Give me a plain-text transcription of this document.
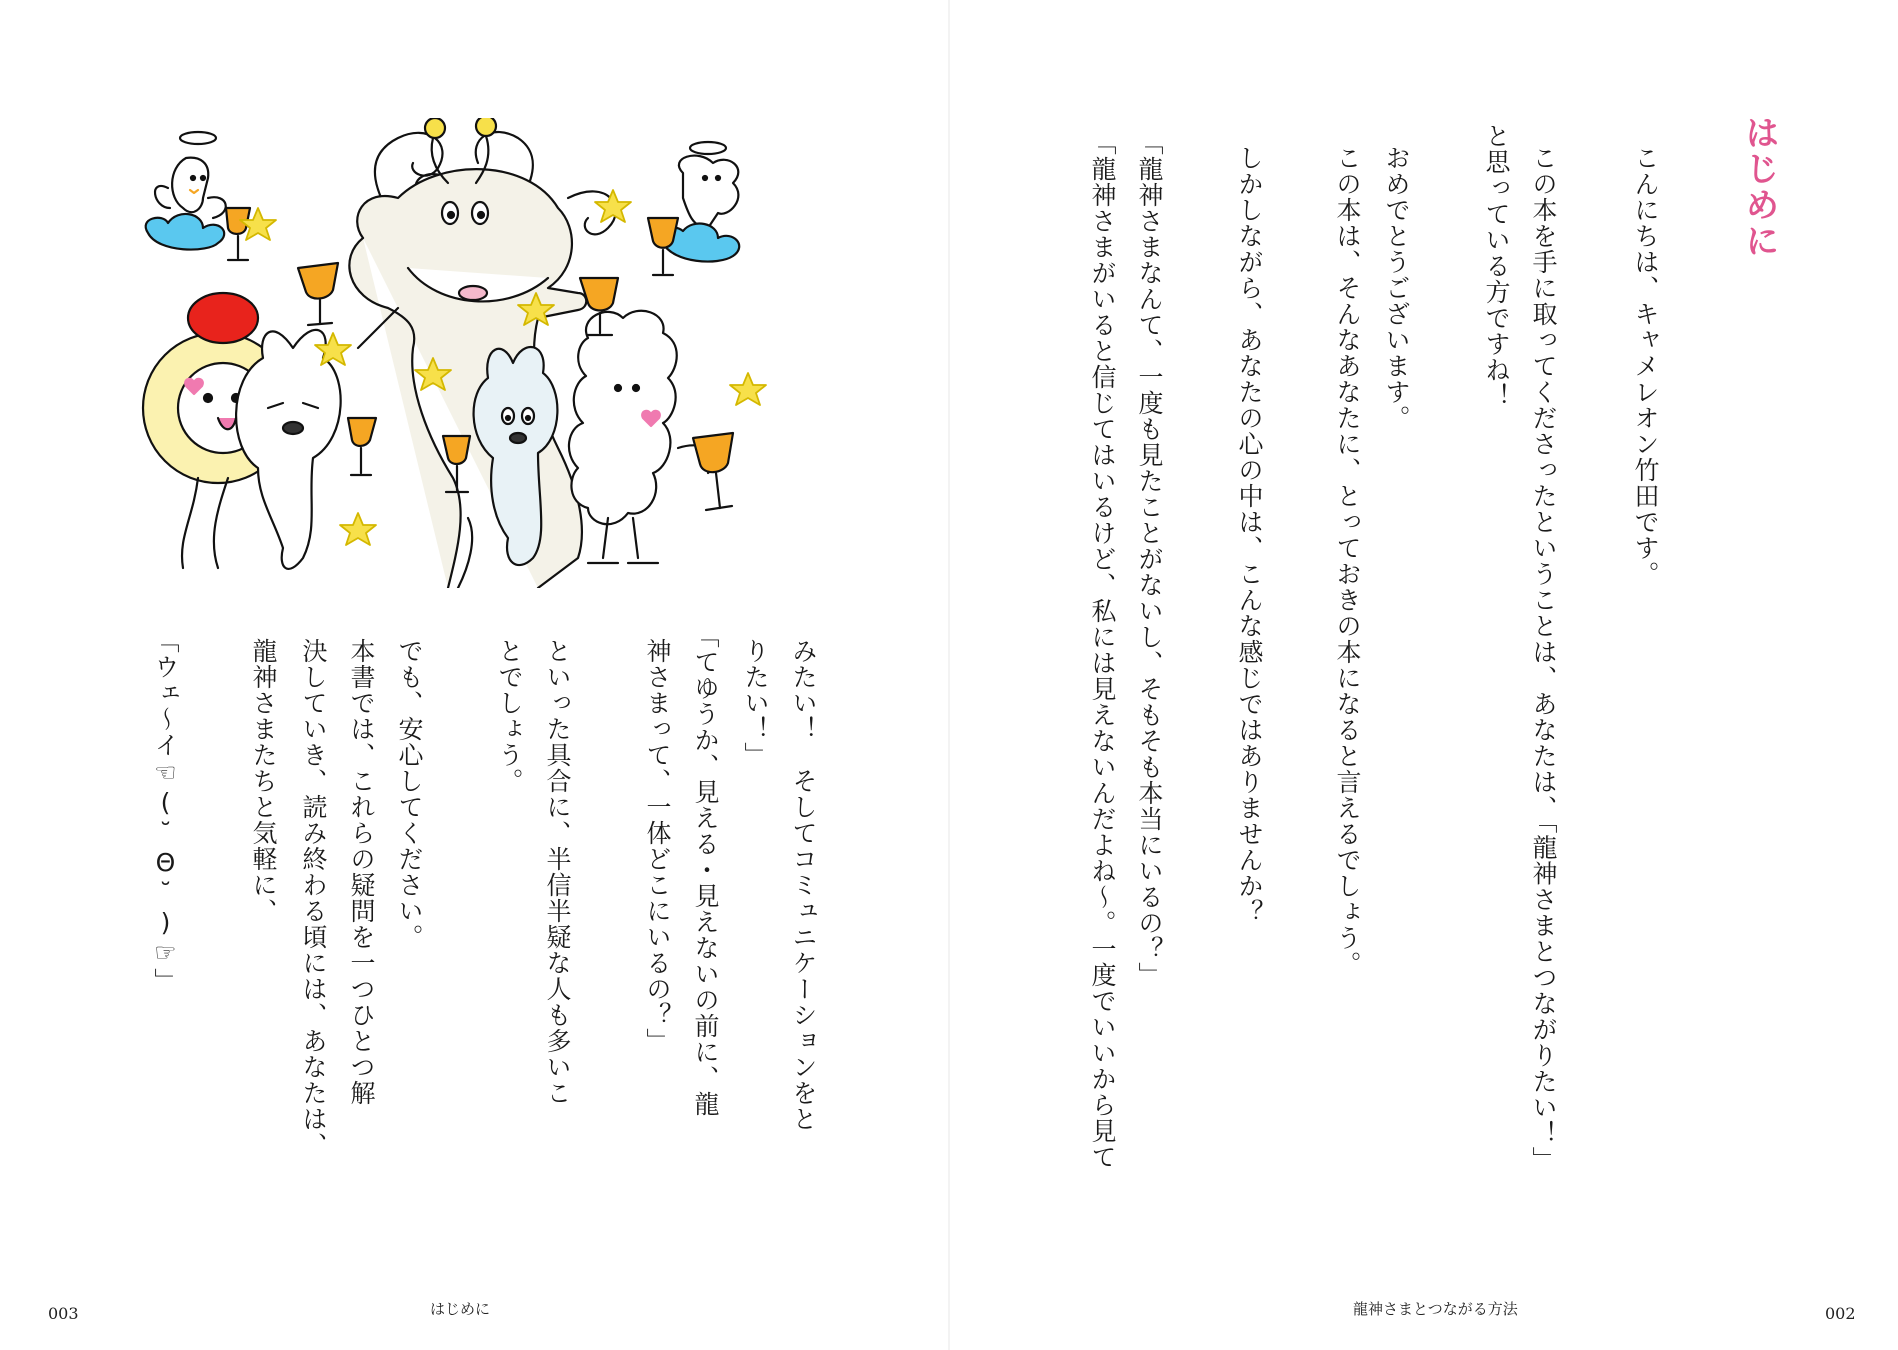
はじめに
こんにちは、キャメレオン竹田です。
この本を手に取ってくださったということは、あなたは、「龍神さまとつながりたい！」
と思っている方ですね！
おめでとうございます。
この本は、そんなあなたに、とっておきの本になると言えるでしょう。
しかしながら、あなたの心の中は、こんな感じではありませんか？
「龍神さまなんて、一度も見たことがないし、そもそも本当にいるの？」
「龍神さまがいると信じてはいるけど、私には見えないんだよね〜。一度でいいから見て
龍神さまとつながる方法	002
みたい！　そしてコミュニケーションをと
りたい！」
「てゆうか、見える・見えないの前に、龍
神さまって、一体どこにいるの？」
といった具合に、半信半疑な人も多いこ
とでしょう。
でも、安心してください。
本書では、これらの疑問を一つひとつ解
決していき、読み終わる頃には、あなたは、
龍神さまたちと気軽に、
「ウェ〜イ☜(˘Θ˘)☞」
003	はじめに
